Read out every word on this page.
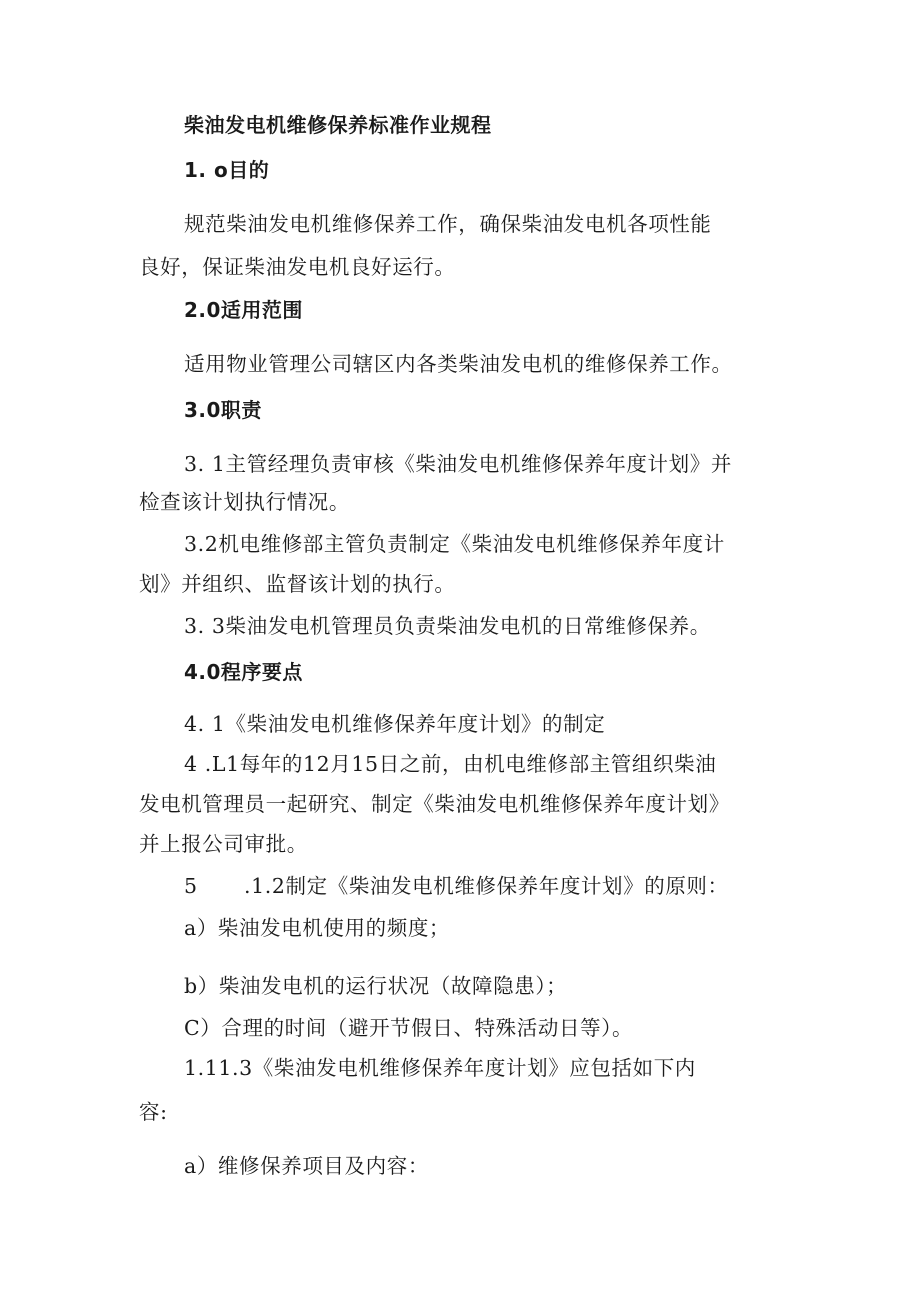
柴油发电机维修保养标准作业规程
1. o目的
规范柴油发电机维修保养工作，确保柴油发电机各项性能
良好，保证柴油发电机良好运行。
2.0适用范围
适用物业管理公司辖区内各类柴油发电机的维修保养工作。
3.0职责
3. 1主管经理负责审核《柴油发电机维修保养年度计划》并
检查该计划执行情况。
3.2机电维修部主管负责制定《柴油发电机维修保养年度计
划》并组织、监督该计划的执行。
3. 3柴油发电机管理员负责柴油发电机的日常维修保养。
4.0程序要点
4. 1《柴油发电机维修保养年度计划》的制定
4 .L1每年的12月15日之前，由机电维修部主管组织柴油
发电机管理员一起研究、制定《柴油发电机维修保养年度计划》
并上报公司审批。
5 .1.2制定《柴油发电机维修保养年度计划》的原则：
a）柴油发电机使用的频度；
b）柴油发电机的运行状况（故障隐患）；
C）合理的时间（避开节假日、特殊活动日等）。
1.11.3《柴油发电机维修保养年度计划》应包括如下内
容:
a）维修保养项目及内容：
